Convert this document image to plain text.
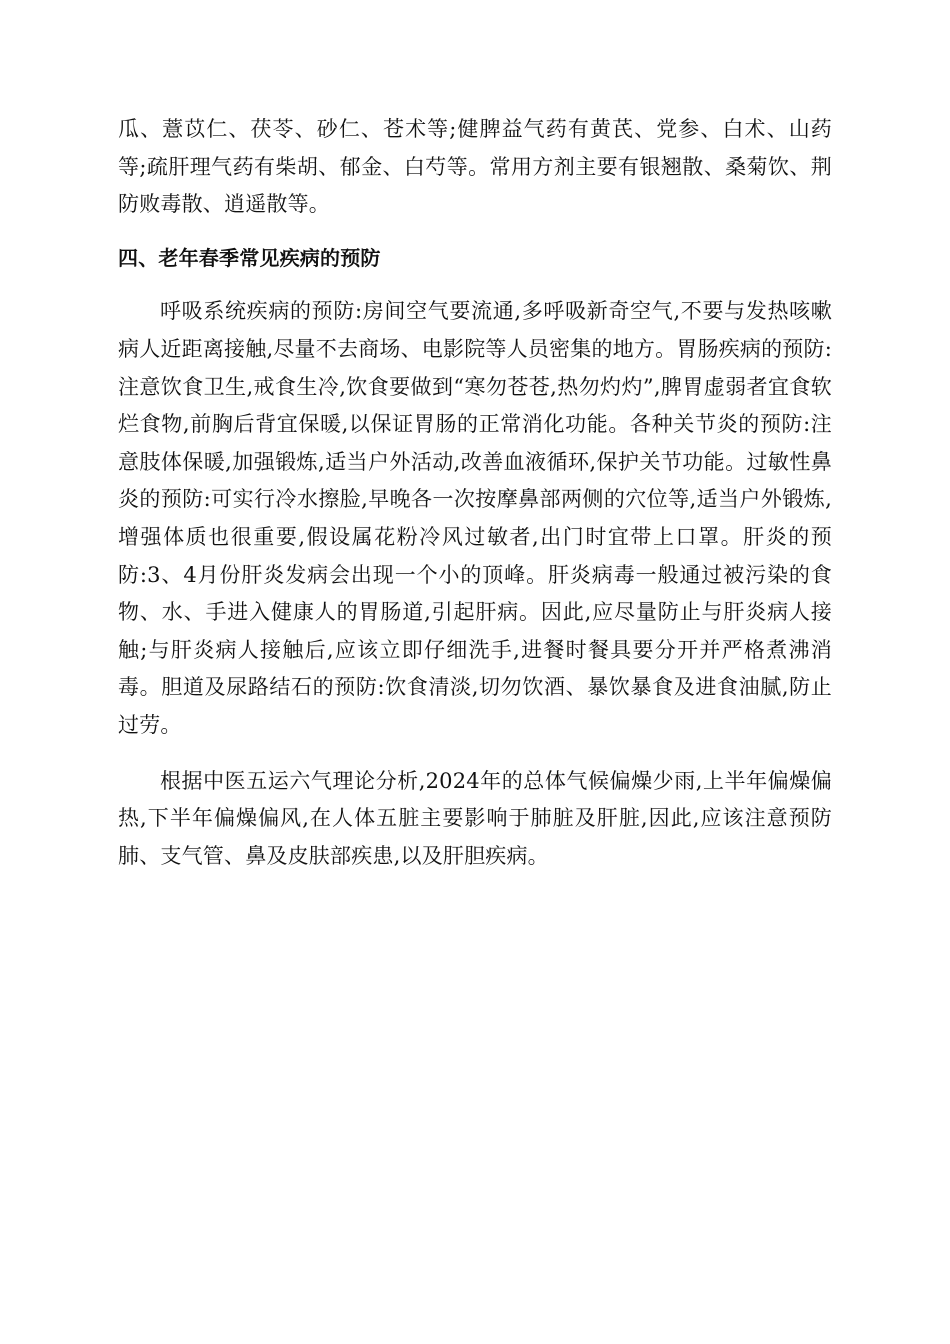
瓜、薏苡仁、茯苓、砂仁、苍术等;健脾益气药有黄芪、党参、白术、山药等;疏肝理气药有柴胡、郁金、白芍等。常用方剂主要有银翘散、桑菊饮、荆防败毒散、逍遥散等。

四、老年春季常见疾病的预防

呼吸系统疾病的预防:房间空气要流通,多呼吸新奇空气,不要与发热咳嗽病人近距离接触,尽量不去商场、电影院等人员密集的地方。胃肠疾病的预防:注意饮食卫生,戒食生冷,饮食要做到“寒勿苍苍,热勿灼灼”,脾胃虚弱者宜食软烂食物,前胸后背宜保暖,以保证胃肠的正常消化功能。各种关节炎的预防:注意肢体保暖,加强锻炼,适当户外活动,改善血液循环,保护关节功能。过敏性鼻炎的预防:可实行冷水擦脸,早晚各一次按摩鼻部两侧的穴位等,适当户外锻炼,增强体质也很重要,假设属花粉冷风过敏者,出门时宜带上口罩。肝炎的预防:3、4月份肝炎发病会出现一个小的顶峰。肝炎病毒一般通过被污染的食物、水、手进入健康人的胃肠道,引起肝病。因此,应尽量防止与肝炎病人接触;与肝炎病人接触后,应该立即仔细洗手,进餐时餐具要分开并严格煮沸消毒。胆道及尿路结石的预防:饮食清淡,切勿饮酒、暴饮暴食及进食油腻,防止过劳。

根据中医五运六气理论分析,2024年的总体气候偏燥少雨,上半年偏燥偏热,下半年偏燥偏风,在人体五脏主要影响于肺脏及肝脏,因此,应该注意预防肺、支气管、鼻及皮肤部疾患,以及肝胆疾病。
